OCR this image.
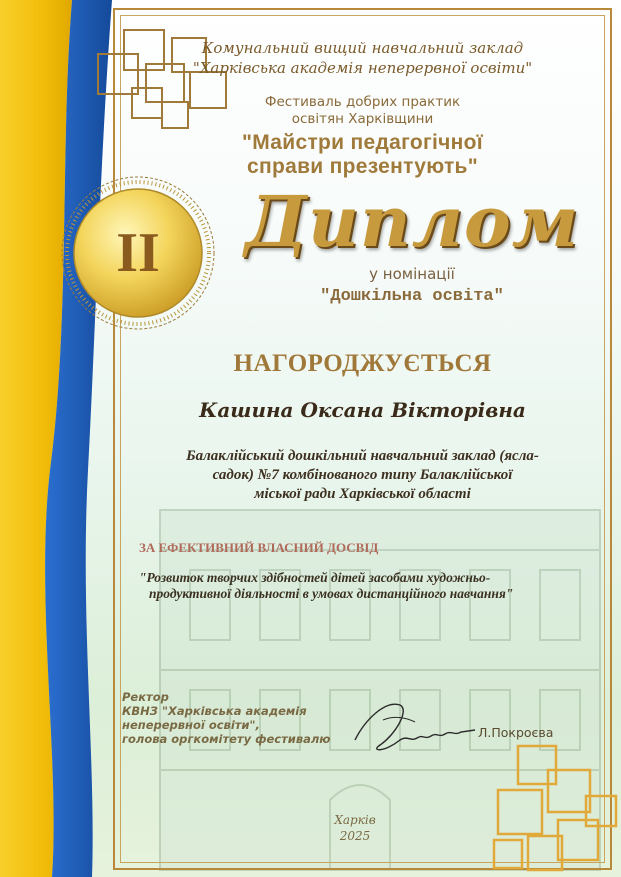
II
Комунальний вищий навчальний заклад
"Харківська академія неперервної освіти"
Фестиваль добрих практик
освітян Харківщини
"Майстри педагогічної
справи презентують"
Диплом
у номінації
"Дошкільна освіта"
НАГОРОДЖУЄТЬСЯ
Кашина Оксана Вікторівна
Балаклійський дошкільний навчальний заклад (ясла-
садок) №7 комбінованого типу Балаклійської
міської ради Харківської області
ЗА ЕФЕКТИВНИЙ ВЛАСНИЙ ДОСВІД
"Розвиток творчих здібностей дітей засобами художньо-
продуктивної діяльності в умовах дистанційного навчання"
Ректор
КВНЗ "Харківська академія
неперервної освіти",
голова оргкомітету фестивалю	Л.Покроєва
Харків
2025
